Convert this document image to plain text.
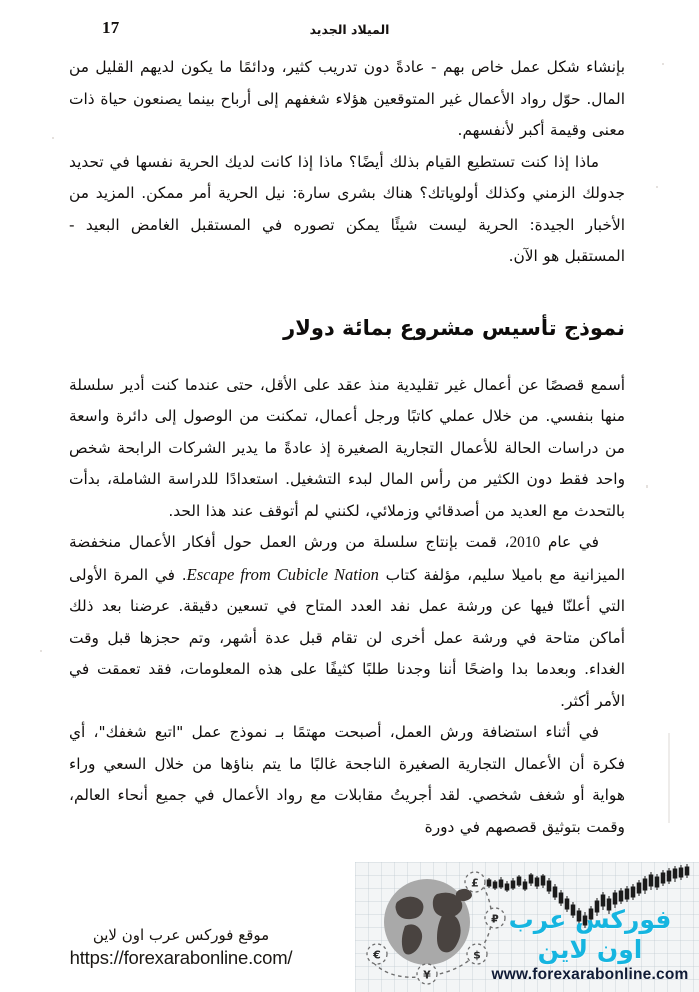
17	الميلاد الجديد

بإنشاء شكل عمل خاص بهم - عادةً دون تدريب كثير، ودائمًا ما يكون لديهم القليل من المال. حوّل رواد الأعمال غير المتوقعين هؤلاء شغفهم إلى أرباح بينما يصنعون حياة ذات معنى وقيمة أكبر لأنفسهم.

ماذا إذا كنت تستطيع القيام بذلك أيضًا؟ ماذا إذا كانت لديك الحرية نفسها في تحديد جدولك الزمني وكذلك أولوياتك؟ هناك بشرى سارة: نيل الحرية أمر ممكن. المزيد من الأخبار الجيدة: الحرية ليست شيئًا يمكن تصوره في المستقبل الغامض البعيد - المستقبل هو الآن.

نموذج تأسيس مشروع بمائة دولار

أسمع قصصًا عن أعمال غير تقليدية منذ عقد على الأقل، حتى عندما كنت أدير سلسلة منها بنفسي. من خلال عملي كاتبًا ورجل أعمال، تمكنت من الوصول إلى دائرة واسعة من دراسات الحالة للأعمال التجارية الصغيرة إذ عادةً ما يدير الشركات الرابحة شخص واحد فقط دون الكثير من رأس المال لبدء التشغيل. استعدادًا للدراسة الشاملة، بدأت بالتحدث مع العديد من أصدقائي وزملائي، لكنني لم أتوقف عند هذا الحد.

في عام 2010، قمت بإنتاج سلسلة من ورش العمل حول أفكار الأعمال منخفضة الميزانية مع باميلا سليم، مؤلفة كتاب Escape from Cubicle Nation. في المرة الأولى التي أعلنّا فيها عن ورشة عمل نفد العدد المتاح في تسعين دقيقة. عرضنا بعد ذلك أماكن متاحة في ورشة عمل أخرى لن تقام قبل عدة أشهر، وتم حجزها قبل وقت الغداء. وبعدما بدا واضحًا أننا وجدنا طلبًا كثيفًا على هذه المعلومات، فقد تعمقت في الأمر أكثر.

في أثناء استضافة ورش العمل، أصبحت مهتمًا بـ نموذج عمل "اتبع شغفك"، أي فكرة أن الأعمال التجارية الصغيرة الناجحة غالبًا ما يتم بناؤها من خلال السعي وراء هواية أو شغف شخصي. لقد أجريتُ مقابلات مع رواد الأعمال في جميع أنحاء العالم، وقمت بتوثيق قصصهم في دورة

موقع فوركس عرب اون لاين
https://forexarabonline.com/
£
₽
$
¥
€
فوركس عرب اون لاين
www.forexarabonline.com
